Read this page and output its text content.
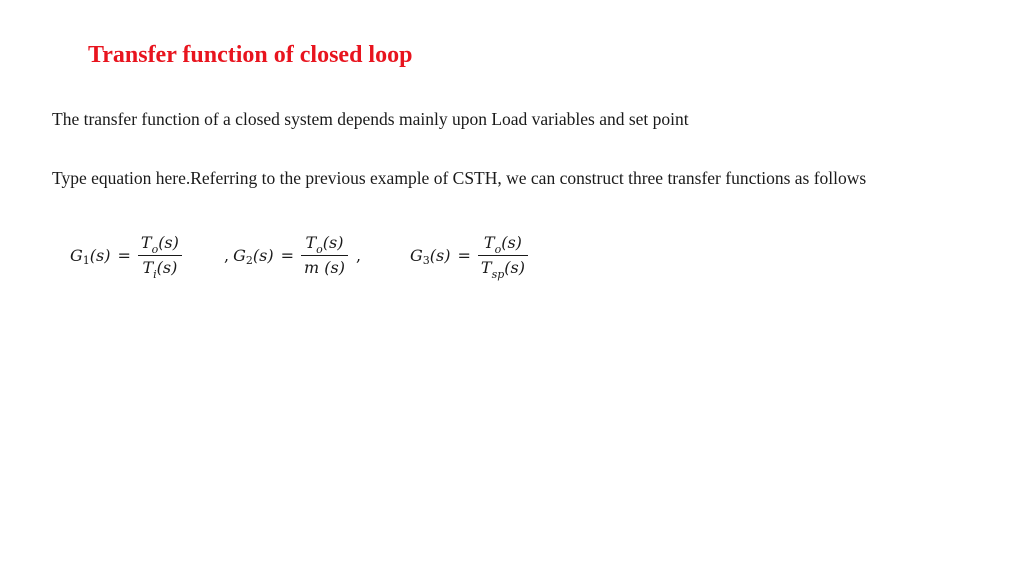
Transfer function of closed loop
The transfer function of a closed system depends mainly upon Load variables and set point
Type equation here.Referring to the previous example of CSTH, we can construct three transfer functions as follows
G 1 $(s) = \frac{T_o(s)}{T_i(s)}$	, G 2 $(s) = \frac{T_o(s)}{m (s)}$ ,	G 3 $(s) = \frac{T_o(s)}{T_{sp}(s)}$
